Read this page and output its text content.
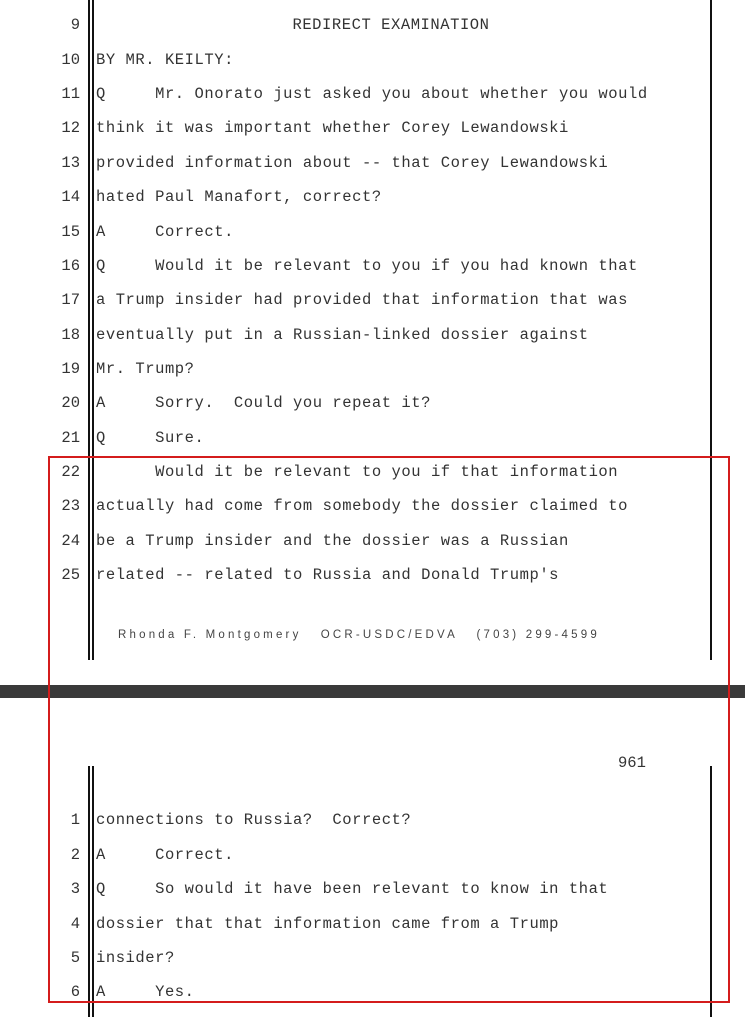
9	REDIRECT EXAMINATION
10 BY MR. KEILTY:
11 Q     Mr. Onorato just asked you about whether you would
12 think it was important whether Corey Lewandowski
13 provided information about -- that Corey Lewandowski
14 hated Paul Manafort, correct?
15 A     Correct.
16 Q     Would it be relevant to you if you had known that
17 a Trump insider had provided that information that was
18 eventually put in a Russian-linked dossier against
19 Mr. Trump?
20 A     Sorry.  Could you repeat it?
21 Q     Sure.
22 Would it be relevant to you if that information
23 actually had come from somebody the dossier claimed to
24 be a Trump insider and the dossier was a Russian
25 related -- related to Russia and Donald Trump's
Rhonda F. Montgomery   OCR-USDC/EDVA   (703) 299-4599
961
1 connections to Russia?  Correct?
2 A     Correct.
3 Q     So would it have been relevant to know in that
4 dossier that that information came from a Trump
5 insider?
6 A     Yes.
